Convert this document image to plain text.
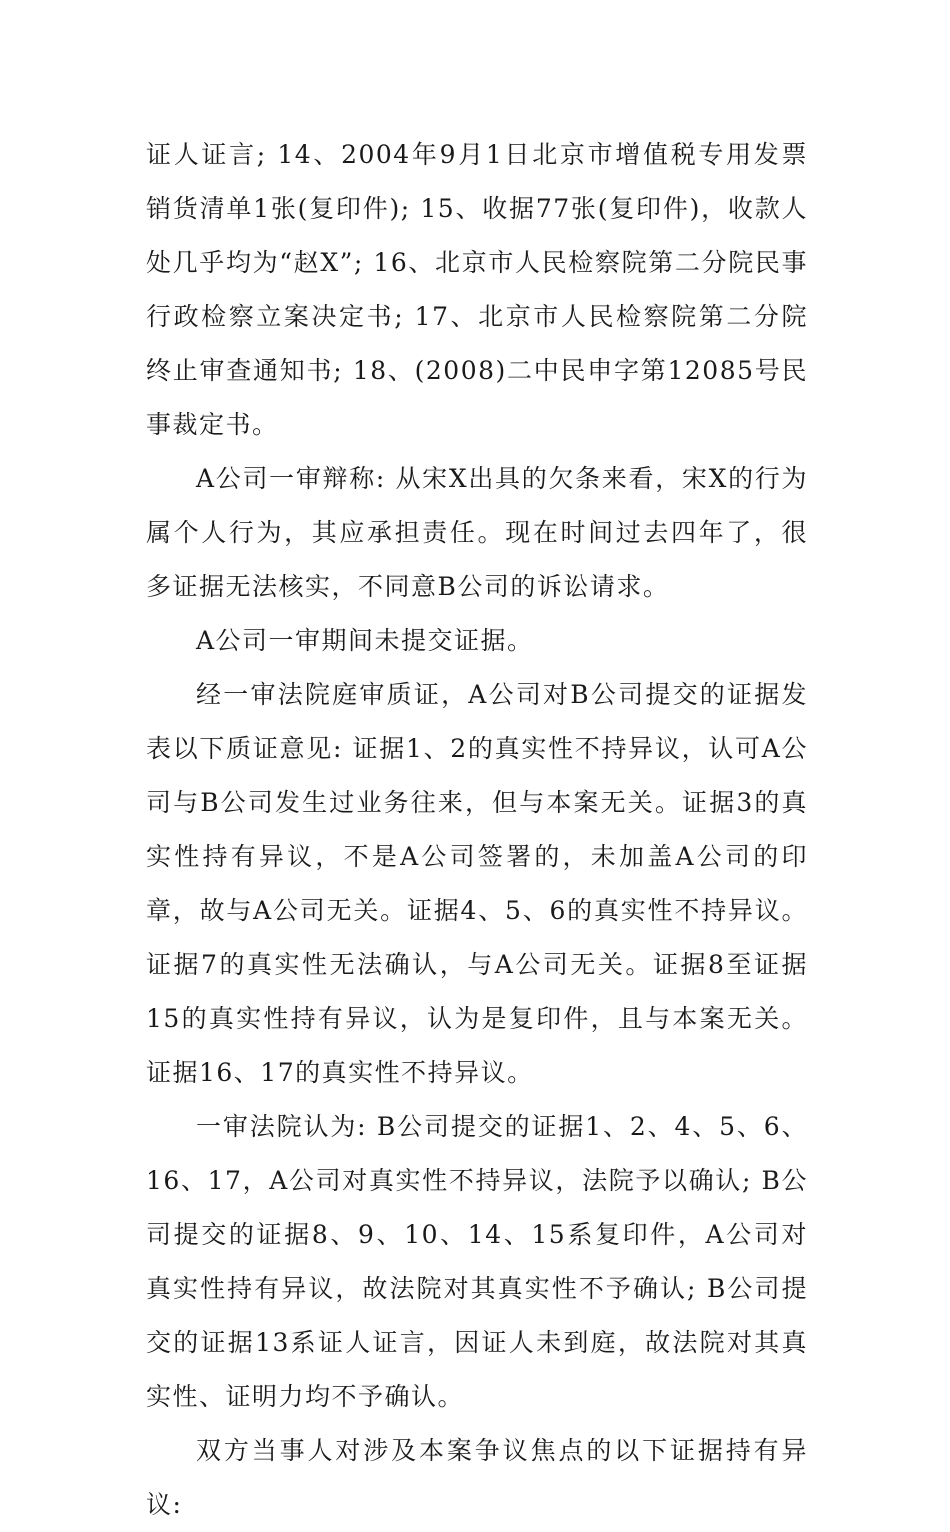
证人证言; 14、2004年9月1日北京市增值税专用发票销货清单1张(复印件); 15、收据77张(复印件)，收款人处几乎均为“赵X”; 16、北京市人民检察院第二分院民事行政检察立案决定书; 17、北京市人民检察院第二分院终止审查通知书; 18、(2008)二中民申字第12085号民事裁定书。

A公司一审辩称: 从宋X出具的欠条来看，宋X的行为属个人行为，其应承担责任。现在时间过去四年了，很多证据无法核实，不同意B公司的诉讼请求。

A公司一审期间未提交证据。

经一审法院庭审质证，A公司对B公司提交的证据发表以下质证意见: 证据1、2的真实性不持异议，认可A公司与B公司发生过业务往来，但与本案无关。证据3的真实性持有异议，不是A公司签署的，未加盖A公司的印章，故与A公司无关。证据4、5、6的真实性不持异议。证据7的真实性无法确认，与A公司无关。证据8至证据15的真实性持有异议，认为是复印件，且与本案无关。证据16、17的真实性不持异议。

一审法院认为: B公司提交的证据1、2、4、5、6、16、17，A公司对真实性不持异议，法院予以确认; B公司提交的证据8、9、10、14、15系复印件，A公司对真实性持有异议，故法院对其真实性不予确认; B公司提交的证据13系证人证言，因证人未到庭，故法院对其真实性、证明力均不予确认。

双方当事人对涉及本案争议焦点的以下证据持有异议:
